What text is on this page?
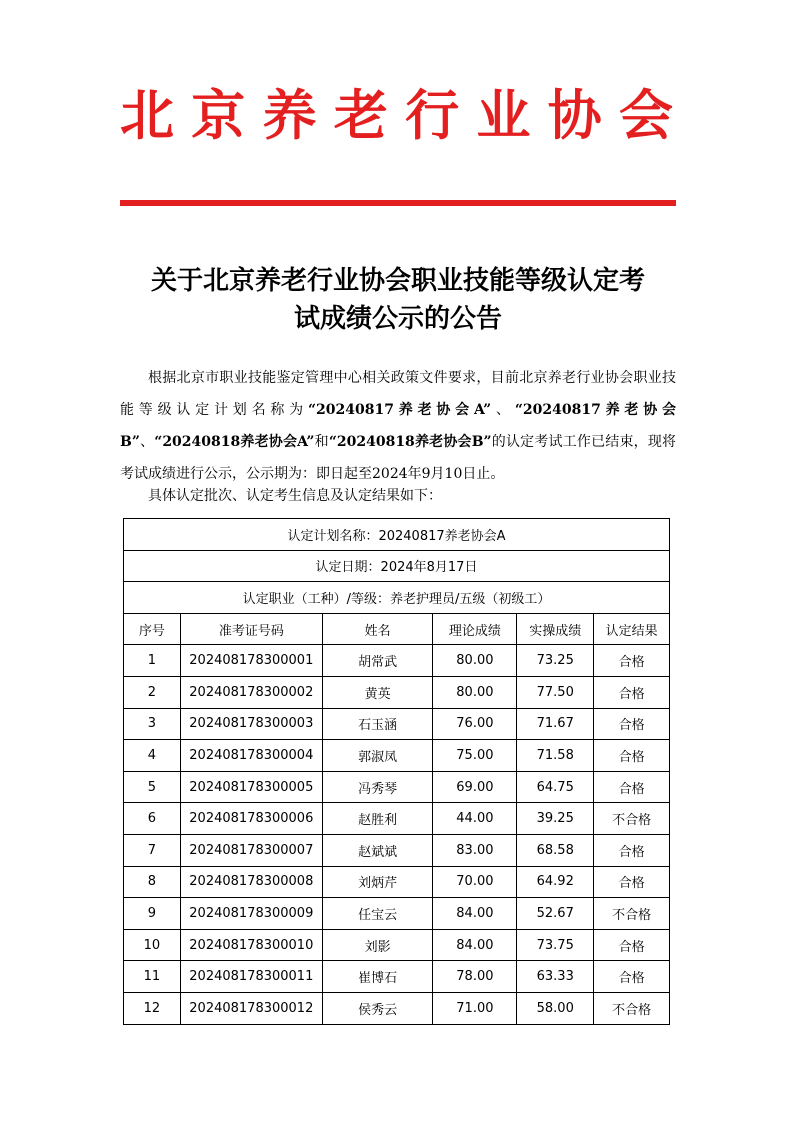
北 京 养 老 行 业 协 会
关于北京养老行业协会职业技能等级认定考
试成绩公示的公告

根据北京市职业技能鉴定管理中心相关政策文件要求，目前北京养老行业协会职业技能等级认定计划名称为“20240817养老协会A”、“20240817养老协会B”、“20240818养老协会A”和“20240818养老协会B”的认定考试工作已结束，现将考试成绩进行公示，公示期为：即日起至2024年9月10日止。

具体认定批次、认定考生信息及认定结果如下：
认定计划名称：20240817养老协会A					
认定日期：2024年8月17日					
认定职业（工种）/等级：养老护理员/五级（初级工）					
序号	准考证号码	姓名	理论成绩	实操成绩	认定结果
1	202408178300001	胡常武	80.00	73.25	合格
2	202408178300002	黄英	80.00	77.50	合格
3	202408178300003	石玉涵	76.00	71.67	合格
4	202408178300004	郭淑凤	75.00	71.58	合格
5	202408178300005	冯秀琴	69.00	64.75	合格
6	202408178300006	赵胜利	44.00	39.25	不合格
7	202408178300007	赵斌斌	83.00	68.58	合格
8	202408178300008	刘炳芹	70.00	64.92	合格
9	202408178300009	任宝云	84.00	52.67	不合格
10	202408178300010	刘影	84.00	73.75	合格
11	202408178300011	崔博石	78.00	63.33	合格
12	202408178300012	侯秀云	71.00	58.00	不合格
